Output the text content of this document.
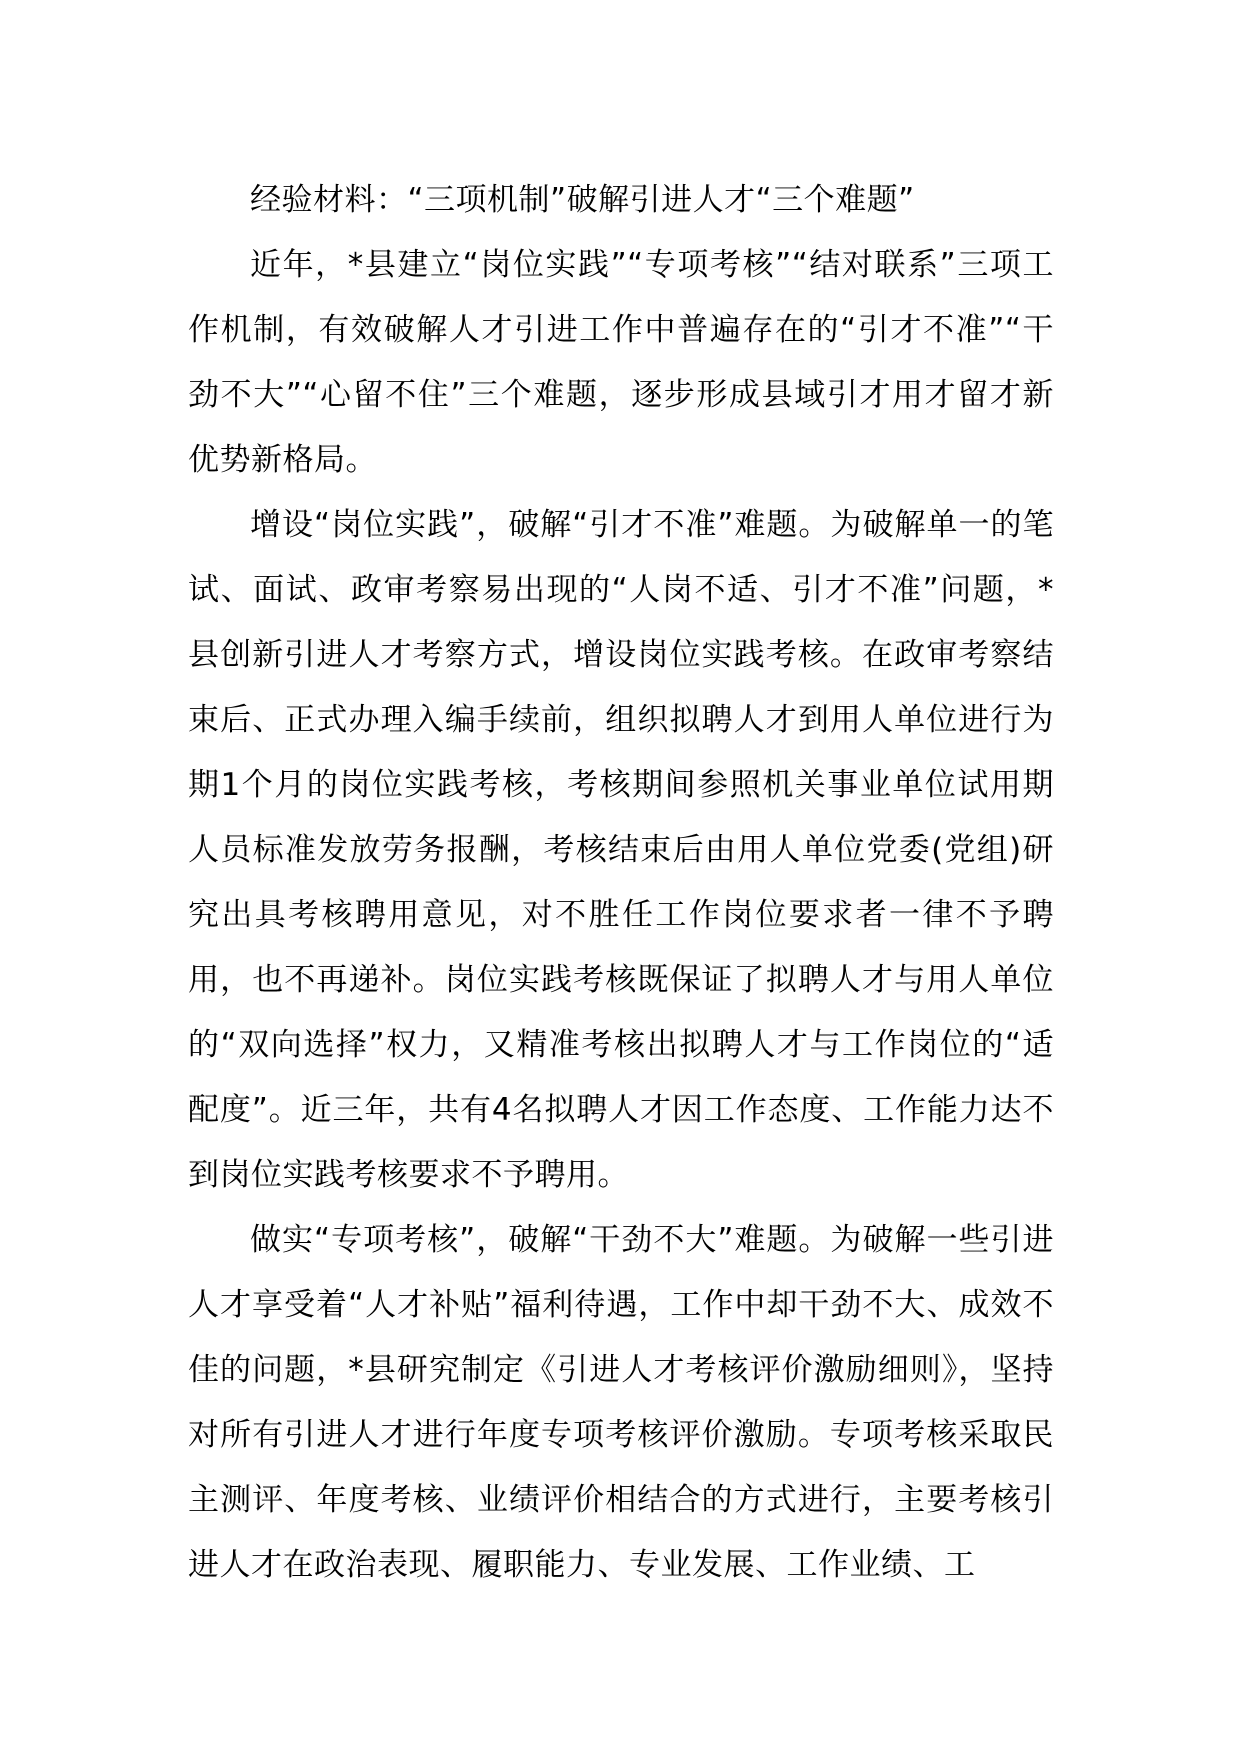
经验材料：“三项机制”破解引进人才“三个难题”

近年，*县建立“岗位实践”“专项考核”“结对联系”三项工作机制，有效破解人才引进工作中普遍存在的“引才不准”“干劲不大”“心留不住”三个难题，逐步形成县域引才用才留才新优势新格局。

增设“岗位实践”，破解“引才不准”难题。为破解单一的笔试、面试、政审考察易出现的“人岗不适、引才不准”问题，*县创新引进人才考察方式，增设岗位实践考核。在政审考察结束后、正式办理入编手续前，组织拟聘人才到用人单位进行为期1个月的岗位实践考核，考核期间参照机关事业单位试用期人员标准发放劳务报酬，考核结束后由用人单位党委(党组)研究出具考核聘用意见，对不胜任工作岗位要求者一律不予聘用，也不再递补。岗位实践考核既保证了拟聘人才与用人单位的“双向选择”权力，又精准考核出拟聘人才与工作岗位的“适配度”。近三年，共有4名拟聘人才因工作态度、工作能力达不到岗位实践考核要求不予聘用。

做实“专项考核”，破解“干劲不大”难题。为破解一些引进人才享受着“人才补贴”福利待遇，工作中却干劲不大、成效不佳的问题，*县研究制定《引进人才考核评价激励细则》，坚持对所有引进人才进行年度专项考核评价激励。专项考核采取民主测评、年度考核、业绩评价相结合的方式进行，主要考核引进人才在政治表现、履职能力、专业发展、工作业绩、工
